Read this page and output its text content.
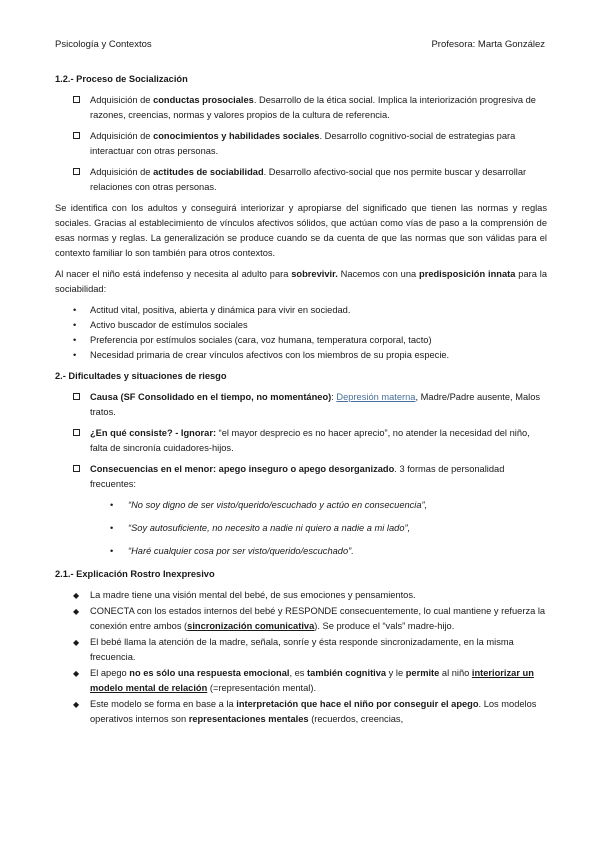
Psicología y Contextos	Profesora: Marta González
1.2.- Proceso de Socialización
Adquisición de conductas prosociales. Desarrollo de la ética social. Implica la interiorización progresiva de razones, creencias, normas y valores propios de la cultura de referencia.
Adquisición de conocimientos y habilidades sociales. Desarrollo cognitivo-social de estrategias para interactuar con otras personas.
Adquisición de actitudes de sociabilidad. Desarrollo afectivo-social que nos permite buscar y desarrollar relaciones con otras personas.

Se identifica con los adultos y conseguirá interiorizar y apropiarse del significado que tienen las normas y reglas sociales. Gracias al establecimiento de vínculos afectivos sólidos, que actúan como vías de paso a la comprensión de esas normas y reglas. La generalización se produce cuando se da cuenta de que las normas que son válidas para el contexto familiar lo son también para otros contextos.

Al nacer el niño está indefenso y necesita al adulto para sobrevivir. Nacemos con una predisposición innata para la sociabilidad:

• Actitud vital, positiva, abierta y dinámica para vivir en sociedad.
• Activo buscador de estímulos sociales
• Preferencia por estímulos sociales (cara, voz humana, temperatura corporal, tacto)
• Necesidad primaria de crear vínculos afectivos con los miembros de su propia especie.
2.- Dificultades y situaciones de riesgo
Causa (SF Consolidado en el tiempo, no momentáneo): Depresión materna, Madre/Padre ausente, Malos tratos.
¿En qué consiste? - Ignorar: “el mayor desprecio es no hacer aprecio”, no atender la necesidad del niño, falta de sincronía cuidadores-hijos.
Consecuencias en el menor: apego inseguro o apego desorganizado. 3 formas de personalidad frecuentes:
• “No soy digno de ser visto/querido/escuchado y actúo en consecuencia”,
• “Soy autosuficiente, no necesito a nadie ni quiero a nadie a mi lado”,
• “Haré cualquier cosa por ser visto/querido/escuchado”.
2.1.- Explicación Rostro Inexpresivo
◆ La madre tiene una visión mental del bebé, de sus emociones y pensamientos.
◆ CONECTA con los estados internos del bebé y RESPONDE consecuentemente, lo cual mantiene y refuerza la conexión entre ambos (sincronización comunicativa). Se produce el “vals” madre-hijo.
◆ El bebé llama la atención de la madre, señala, sonríe y ésta responde sincronizadamente, en la misma frecuencia.
◆ El apego no es sólo una respuesta emocional, es también cognitiva y le permite al niño interiorizar un modelo mental de relación (=representación mental).
◆ Este modelo se forma en base a la interpretación que hace el niño por conseguir el apego. Los modelos operativos internos son representaciones mentales (recuerdos, creencias,
